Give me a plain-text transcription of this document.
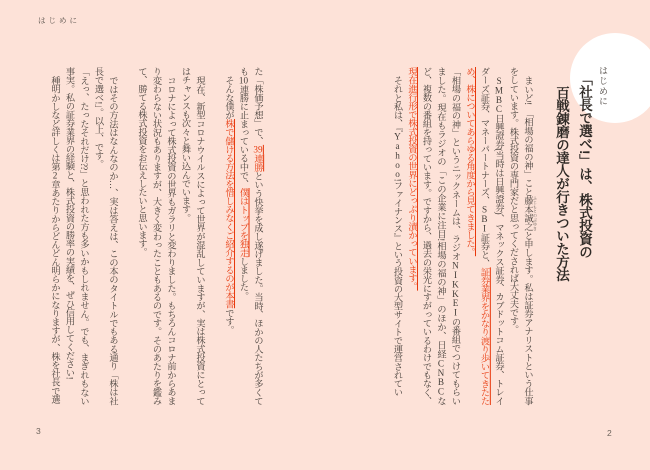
はじめに

た「株価予想」で、39連勝という快挙を成し遂げました。当時、ほかの人たちが多くても10連勝に止まっている中で、僕はトップを独走しました。

そんな僕が株で儲ける方法を惜しみなくご紹介するのが本書です。

現在、新型コロナウイルスによって世界が混乱していますが、実は株式投資にとってはチャンスも次々と舞い込んでいます。

コロナによって株式投資の世界もガラリと変わりました。もちろんコロナ前からあまり変わらない状況もありますが、大きく変わったこともあるのです。そのあたりを鑑みて、勝てる株式投資をお伝えしたいと思います。

ではその方法はなんなのか…、実は答えは、この本のタイトルでもある通り「株は社長で選べ!」。以上、です。

「えっ、たったそれだけ??」と思われた方も多いかもしれません。でも、まぎれもない事実。私の証券業界の経験と、株式投資の勝率の実績を、ぜひ信用してください!

種明かしなど詳しくは第2章あたりからどんどん明らかになりますが、株を社長で選

3
はじめに
「社長で選べ!」は、株式投資の
百戦錬磨の達人が行きついた方法

まいど!　「相場の福の神」こと藤本誠之 ふじもとのぶゆきと申します。私は証券アナリストという仕事をしています。株式投資の専門家だと思ってくだされば大丈夫です。

SMBC日興證券(当時は日興證券)、マネックス証券、カブドットコム証券、トレイダーズ証券、マネーパートナーズ、SBI証券と、証券業界をかなり渡り歩いてきたため、株についてあらゆる角度から見てきました。

「相場の福の神」というニックネームは、ラジオNIKKEIの番組でつけてもらいました。現在もラジオの「この企業に注目!相場の福の神」のほか、日経CNBCなど、複数の番組を持っています。ですから、過去の栄光にすがっているわけでもなく、現在進行形で株式投資の世界にどっぷり漬かっています。

それと私は、『Yahoo!ファイナンス』という投資の大型サイトで運営されてい

2
